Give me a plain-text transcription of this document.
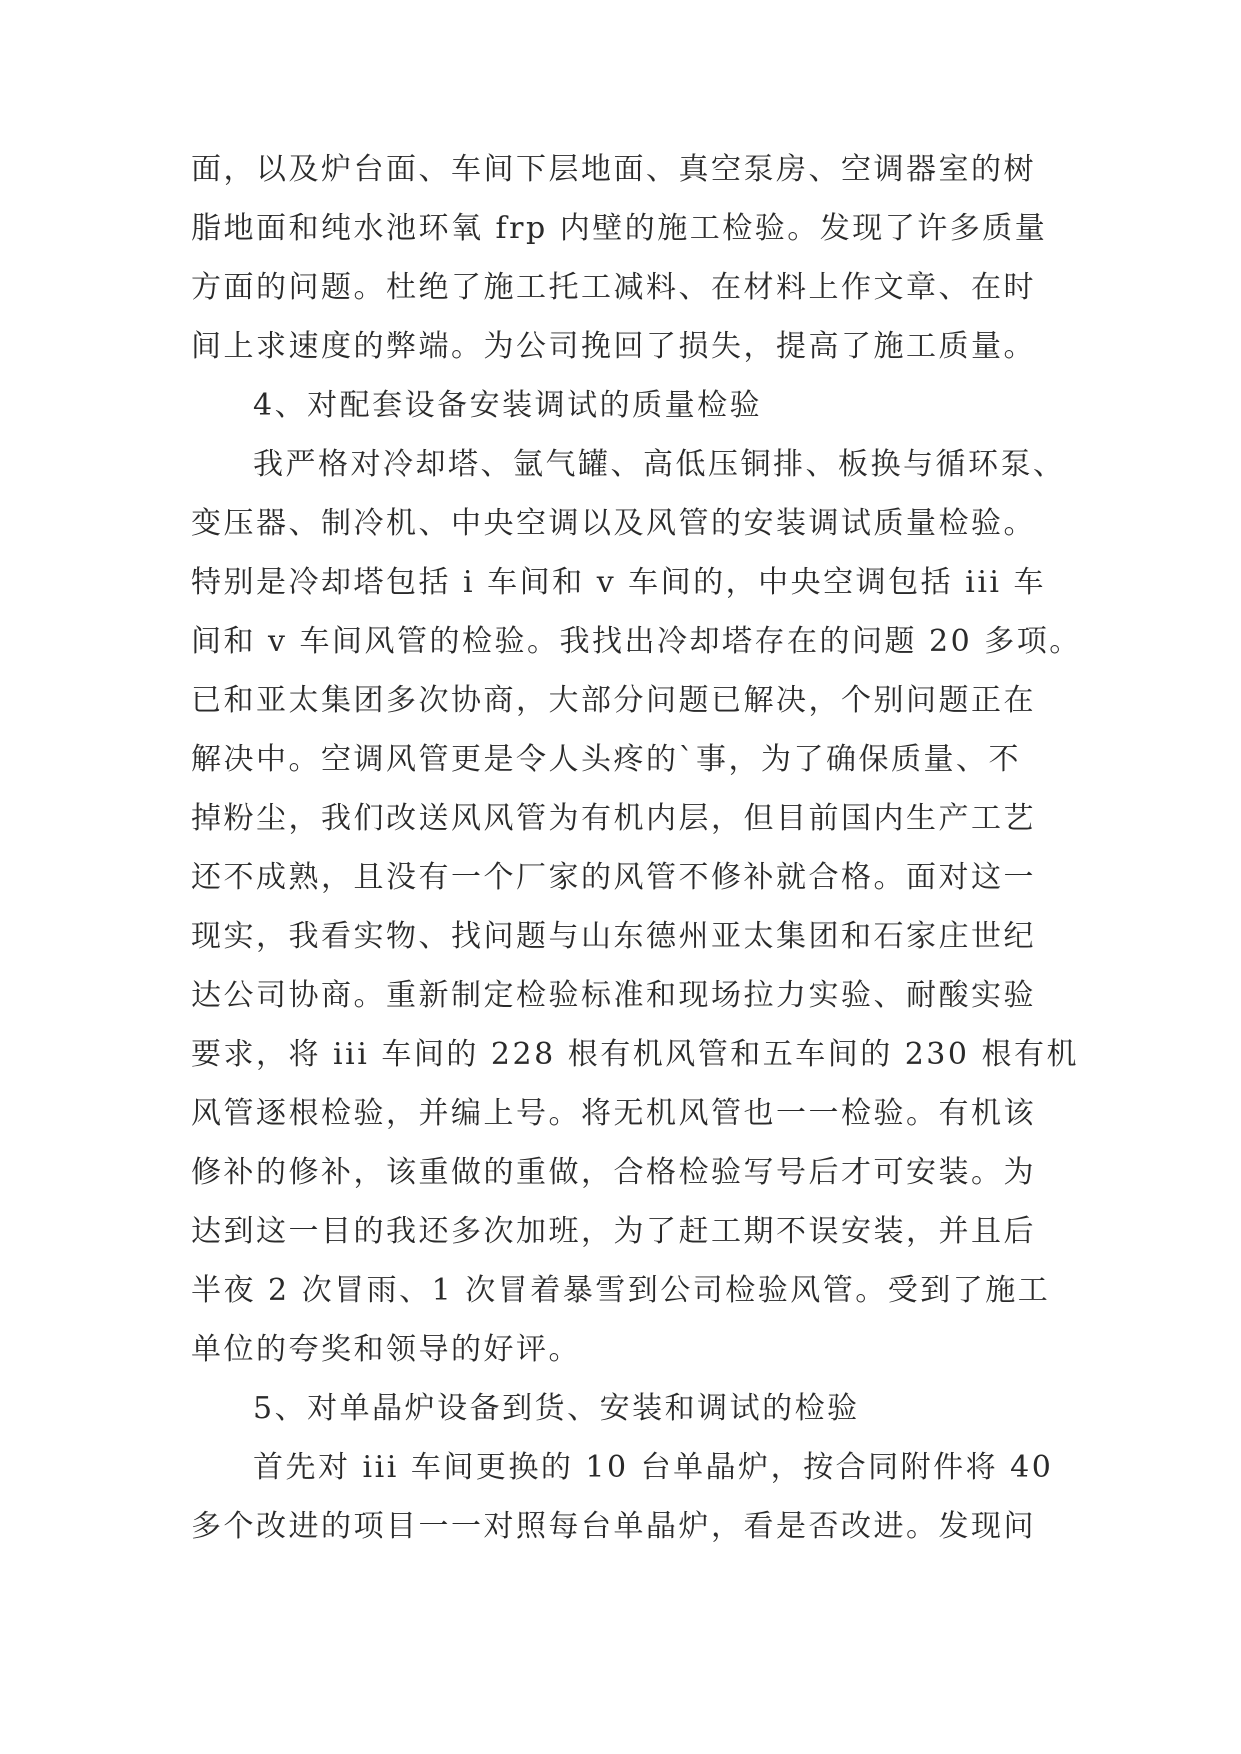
面，以及炉台面、车间下层地面、真空泵房、空调器室的树
脂地面和纯水池环氧 frp 内壁的施工检验。发现了许多质量
方面的问题。杜绝了施工托工减料、在材料上作文章、在时
间上求速度的弊端。为公司挽回了损失，提高了施工质量。
4、对配套设备安装调试的质量检验
我严格对冷却塔、氩气罐、高低压铜排、板换与循环泵、
变压器、制冷机、中央空调以及风管的安装调试质量检验。
特别是冷却塔包括 i 车间和 v 车间的，中央空调包括 iii 车
间和 v 车间风管的检验。我找出冷却塔存在的问题 20 多项。
已和亚太集团多次协商，大部分问题已解决，个别问题正在
解决中。空调风管更是令人头疼的`事，为了确保质量、不
掉粉尘，我们改送风风管为有机内层，但目前国内生产工艺
还不成熟，且没有一个厂家的风管不修补就合格。面对这一
现实，我看实物、找问题与山东德州亚太集团和石家庄世纪
达公司协商。重新制定检验标准和现场拉力实验、耐酸实验
要求，将 iii 车间的 228 根有机风管和五车间的 230 根有机
风管逐根检验，并编上号。将无机风管也一一检验。有机该
修补的修补，该重做的重做，合格检验写号后才可安装。为
达到这一目的我还多次加班，为了赶工期不误安装，并且后
半夜 2 次冒雨、1 次冒着暴雪到公司检验风管。受到了施工
单位的夸奖和领导的好评。
5、对单晶炉设备到货、安装和调试的检验
首先对 iii 车间更换的 10 台单晶炉，按合同附件将 40
多个改进的项目一一对照每台单晶炉，看是否改进。发现问
